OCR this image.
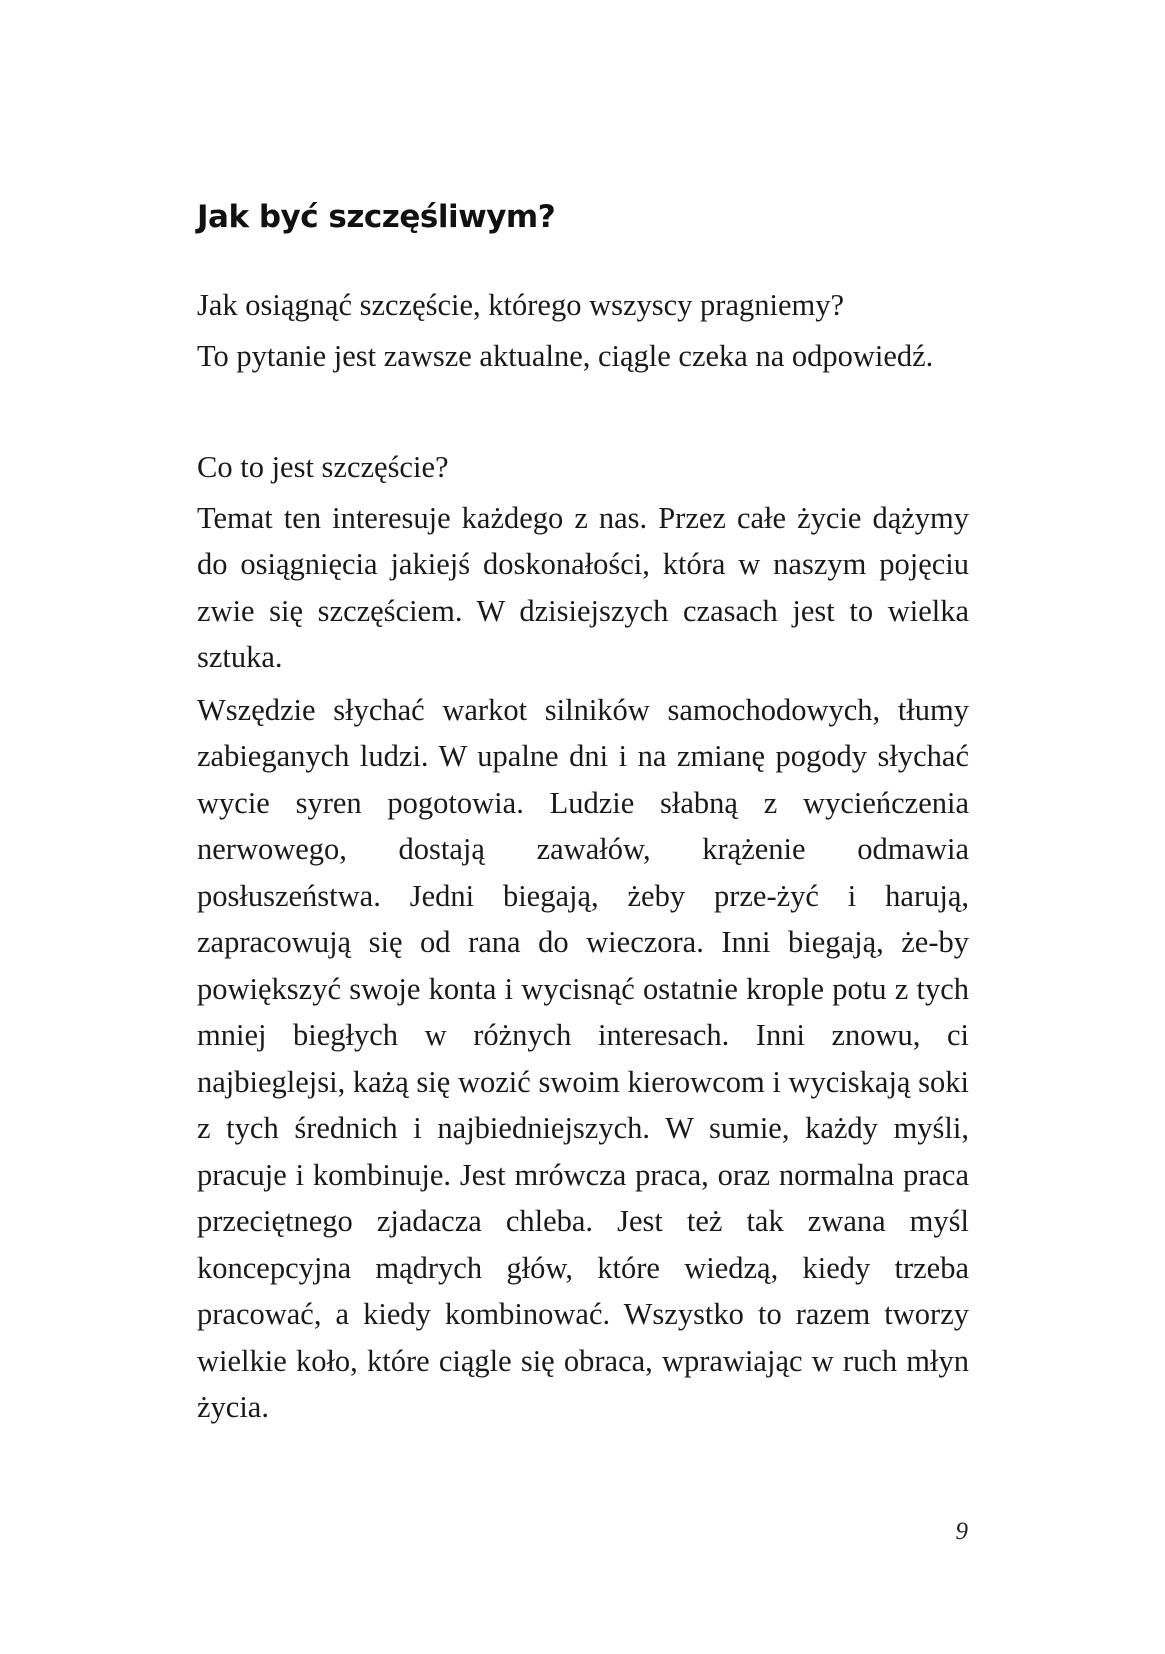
Jak być szczęśliwym?

Jak osiągnąć szczęście, którego wszyscy pragniemy?

To pytanie jest zawsze aktualne, ciągle czeka na odpowiedź.

Co to jest szczęście?

Temat ten interesuje każdego z nas. Przez całe życie dążymy do osiągnięcia jakiejś doskonałości, która w naszym pojęciu zwie się szczęściem. W dzisiejszych czasach jest to wielka sztuka.

Wszędzie słychać warkot silników samochodowych, tłumy zabieganych ludzi. W upalne dni i na zmianę pogody słychać wycie syren pogotowia. Ludzie słabną z wycieńczenia nerwowego, dostają zawałów, krążenie odmawia posłuszeństwa. Jedni biegają, żeby prze-żyć i harują, zapracowują się od rana do wieczora. Inni biegają, że-by powiększyć swoje konta i wycisnąć ostatnie krople potu z tych mniej biegłych w różnych interesach. Inni znowu, ci najbieglejsi, każą się wozić swoim kierowcom i wyciskają soki z tych średnich i najbiedniejszych. W sumie, każdy myśli, pracuje i kombinuje. Jest mrówcza praca, oraz normalna praca przeciętnego zjadacza chleba. Jest też tak zwana myśl koncepcyjna mądrych głów, które wiedzą, kiedy trzeba pracować, a kiedy kombinować. Wszystko to razem tworzy wielkie koło, które ciągle się obraca, wprawiając w ruch młyn życia.

9
